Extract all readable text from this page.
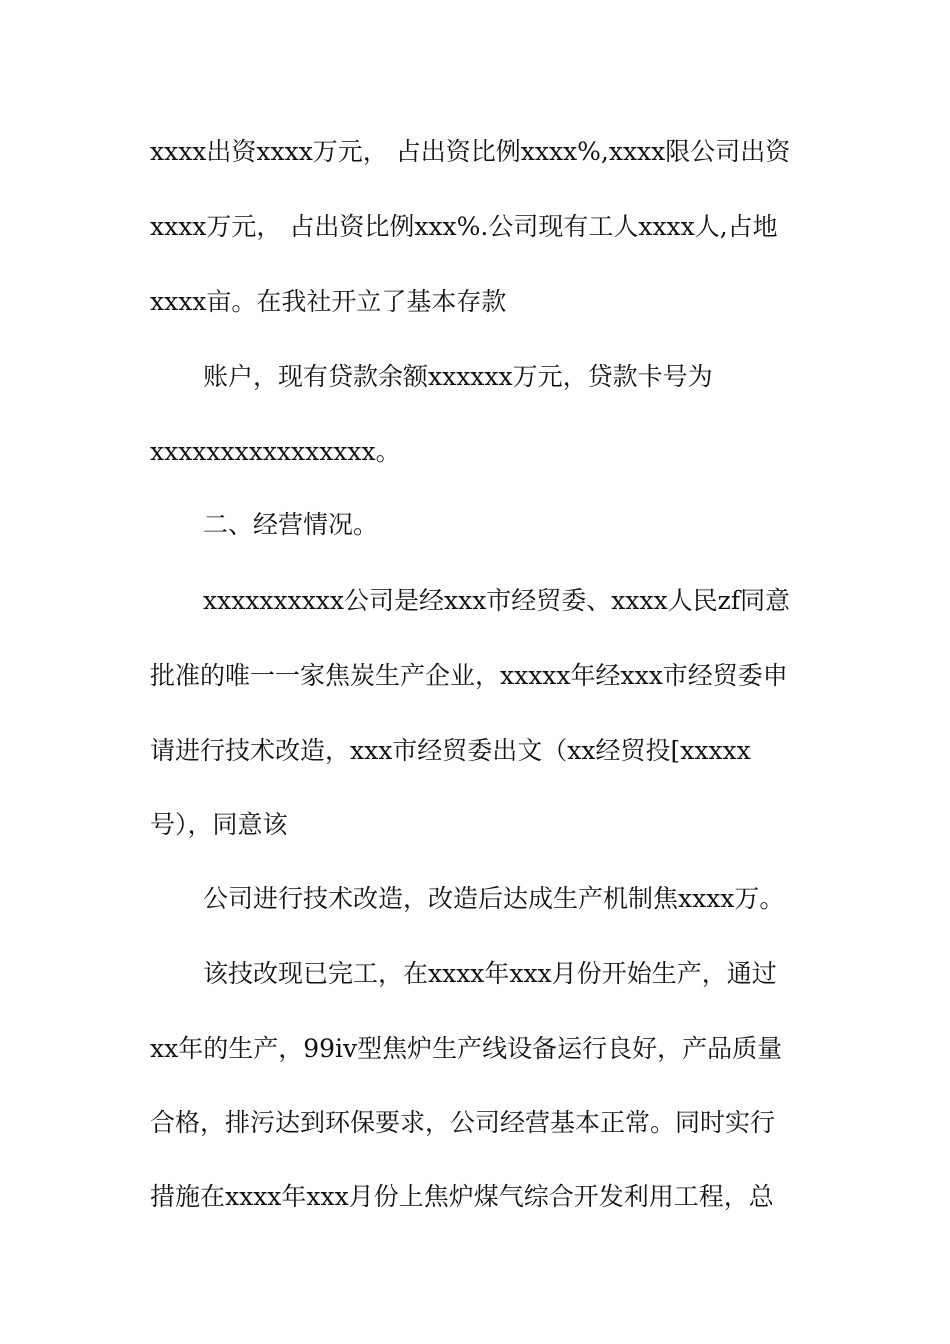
xxxx出资xxxx万元， 占出资比例xxxx%,xxxx限公司出资
xxxx万元， 占出资比例xxx%.公司现有工人xxxx人,占地
xxxx亩。在我社开立了基本存款
账户，现有贷款余额xxxxxx万元，贷款卡号为
xxxxxxxxxxxxxxxx。
二、经营情况。
xxxxxxxxxx公司是经xxx市经贸委、xxxx人民zf同意
批准的唯一一家焦炭生产企业，xxxxx年经xxx市经贸委申
请进行技术改造，xxx市经贸委出文（xx经贸投[xxxxx
号），同意该
公司进行技术改造，改造后达成生产机制焦xxxx万。
该技改现已完工，在xxxx年xxx月份开始生产，通过
xx年的生产，99iv型焦炉生产线设备运行良好，产品质量
合格，排污达到环保要求，公司经营基本正常。同时实行
措施在xxxx年xxx月份上焦炉煤气综合开发利用工程，总
